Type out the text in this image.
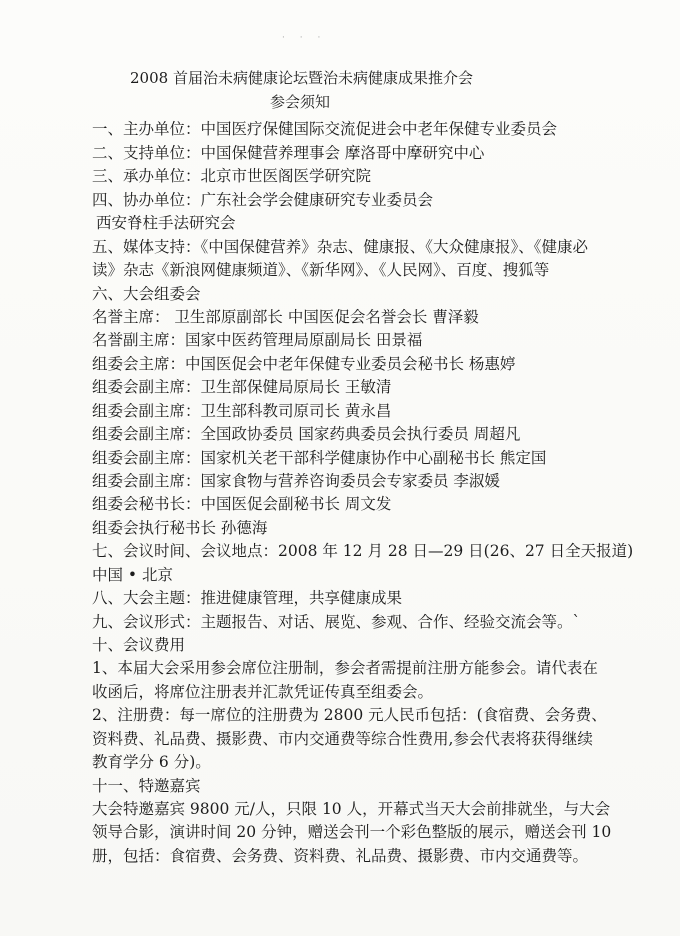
· · ·
2008 首届治未病健康论坛暨治未病健康成果推介会
参会须知
一、主办单位：中国医疗保健国际交流促进会中老年保健专业委员会
二、支持单位：中国保健营养理事会 摩洛哥中摩研究中心
三、承办单位：北京市世医阁医学研究院
四、协办单位：广东社会学会健康研究专业委员会
西安脊柱手法研究会
五、媒体支持：《中国保健营养》杂志、健康报、《大众健康报》、《健康必
读》杂志《新浪网健康频道》、《新华网》、《人民网》、百度、搜狐等
六、大会组委会
名誉主席： 卫生部原副部长 中国医促会名誉会长 曹泽毅
名誉副主席：国家中医药管理局原副局长 田景福
组委会主席：中国医促会中老年保健专业委员会秘书长 杨惠婷
组委会副主席：卫生部保健局原局长 王敏清
组委会副主席：卫生部科教司原司长 黄永昌
组委会副主席：全国政协委员 国家药典委员会执行委员 周超凡
组委会副主席：国家机关老干部科学健康协作中心副秘书长 熊定国
组委会副主席：国家食物与营养咨询委员会专家委员 李淑媛
组委会秘书长：中国医促会副秘书长 周文发
组委会执行秘书长 孙德海
七、会议时间、会议地点：2008 年 12 月 28 日—29 日(26、27 日全天报道)
中国 • 北京
八、大会主题：推进健康管理，共享健康成果
九、会议形式：主题报告、对话、展览、参观、合作、经验交流会等。`
十、会议费用
1、本届大会采用参会席位注册制，参会者需提前注册方能参会。请代表在
收函后，将席位注册表并汇款凭证传真至组委会。
2、注册费：每一席位的注册费为 2800 元人民币包括：(食宿费、会务费、
资料费、礼品费、摄影费、市内交通费等综合性费用,参会代表将获得继续
教育学分 6 分)。
十一、特邀嘉宾
大会特邀嘉宾 9800 元/人，只限 10 人，开幕式当天大会前排就坐，与大会
领导合影，演讲时间 20 分钟，赠送会刊一个彩色整版的展示，赠送会刊 10
册，包括：食宿费、会务费、资料费、礼品费、摄影费、市内交通费等。
